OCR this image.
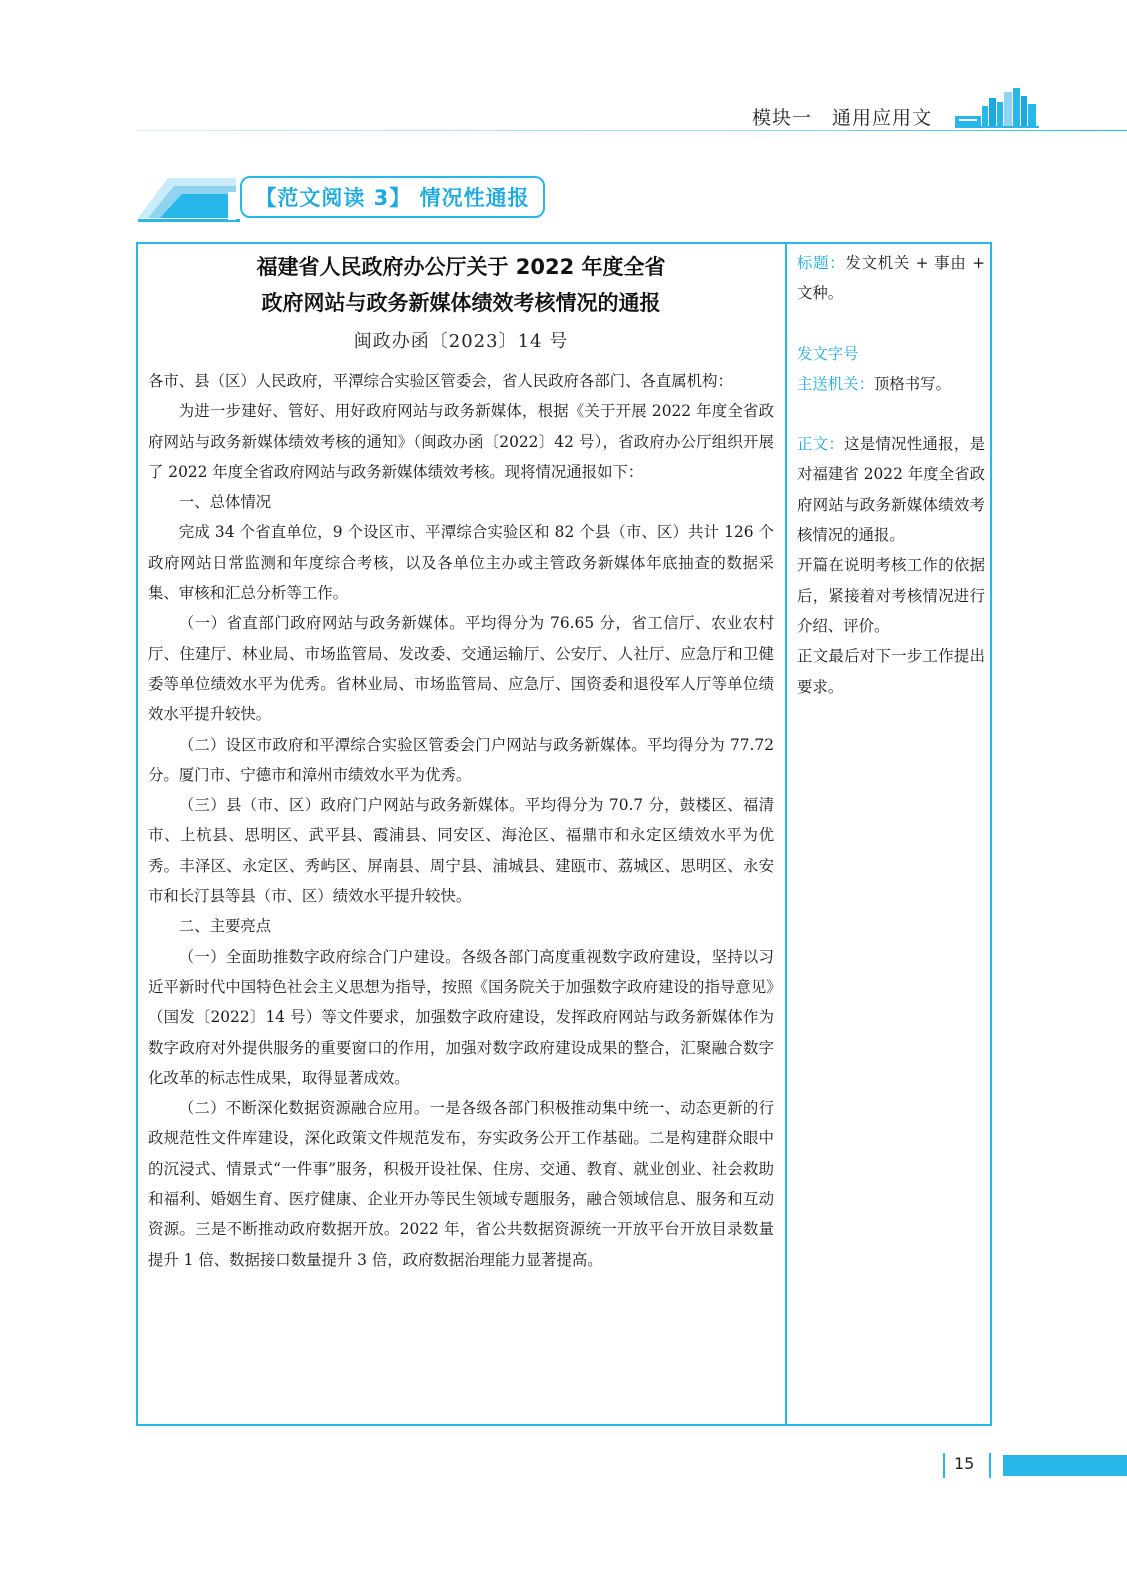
模块一　通用应用文
【范文阅读 3】 情况性通报

福建省人民政府办公厅关于 2022 年度全省

政府网站与政务新媒体绩效考核情况的通报

闽政办函〔2023〕14 号

各市、县（区）人民政府，平潭综合实验区管委会，省人民政府各部门、各直属机构：

为进一步建好、管好、用好政府网站与政务新媒体，根据《关于开展 2022 年度全省政府网站与政务新媒体绩效考核的通知》（闽政办函〔2022〕42 号），省政府办公厅组织开展了 2022 年度全省政府网站与政务新媒体绩效考核。现将情况通报如下：

一、总体情况

完成 34 个省直单位，9 个设区市、平潭综合实验区和 82 个县（市、区）共计 126 个政府网站日常监测和年度综合考核，以及各单位主办或主管政务新媒体年底抽查的数据采集、审核和汇总分析等工作。

（一）省直部门政府网站与政务新媒体。平均得分为 76.65 分，省工信厅、农业农村厅、住建厅、林业局、市场监管局、发改委、交通运输厅、公安厅、人社厅、应急厅和卫健委等单位绩效水平为优秀。省林业局、市场监管局、应急厅、国资委和退役军人厅等单位绩效水平提升较快。

（二）设区市政府和平潭综合实验区管委会门户网站与政务新媒体。平均得分为 77.72 分。厦门市、宁德市和漳州市绩效水平为优秀。

（三）县（市、区）政府门户网站与政务新媒体。平均得分为 70.7 分，鼓楼区、福清市、上杭县、思明区、武平县、霞浦县、同安区、海沧区、福鼎市和永定区绩效水平为优秀。丰泽区、永定区、秀屿区、屏南县、周宁县、浦城县、建瓯市、荔城区、思明区、永安市和长汀县等县（市、区）绩效水平提升较快。

二、主要亮点

（一）全面助推数字政府综合门户建设。各级各部门高度重视数字政府建设，坚持以习近平新时代中国特色社会主义思想为指导，按照《国务院关于加强数字政府建设的指导意见》（国发〔2022〕14 号）等文件要求，加强数字政府建设，发挥政府网站与政务新媒体作为数字政府对外提供服务的重要窗口的作用，加强对数字政府建设成果的整合，汇聚融合数字化改革的标志性成果，取得显著成效。

（二）不断深化数据资源融合应用。一是各级各部门积极推动集中统一、动态更新的行政规范性文件库建设，深化政策文件规范发布，夯实政务公开工作基础。二是构建群众眼中的沉浸式、情景式“一件事”服务，积极开设社保、住房、交通、教育、就业创业、社会救助和福利、婚姻生育、医疗健康、企业开办等民生领域专题服务，融合领域信息、服务和互动资源。三是不断推动政府数据开放。2022 年，省公共数据资源统一开放平台开放目录数量提升 1 倍、数据接口数量提升 3 倍，政府数据治理能力显著提高。

标题：发文机关 + 事由 + 文种。

发文字号

主送机关：顶格书写。

正文：这是情况性通报，是对福建省 2022 年度全省政府网站与政务新媒体绩效考核情况的通报。

开篇在说明考核工作的依据后，紧接着对考核情况进行介绍、评价。

正文最后对下一步工作提出要求。

15
